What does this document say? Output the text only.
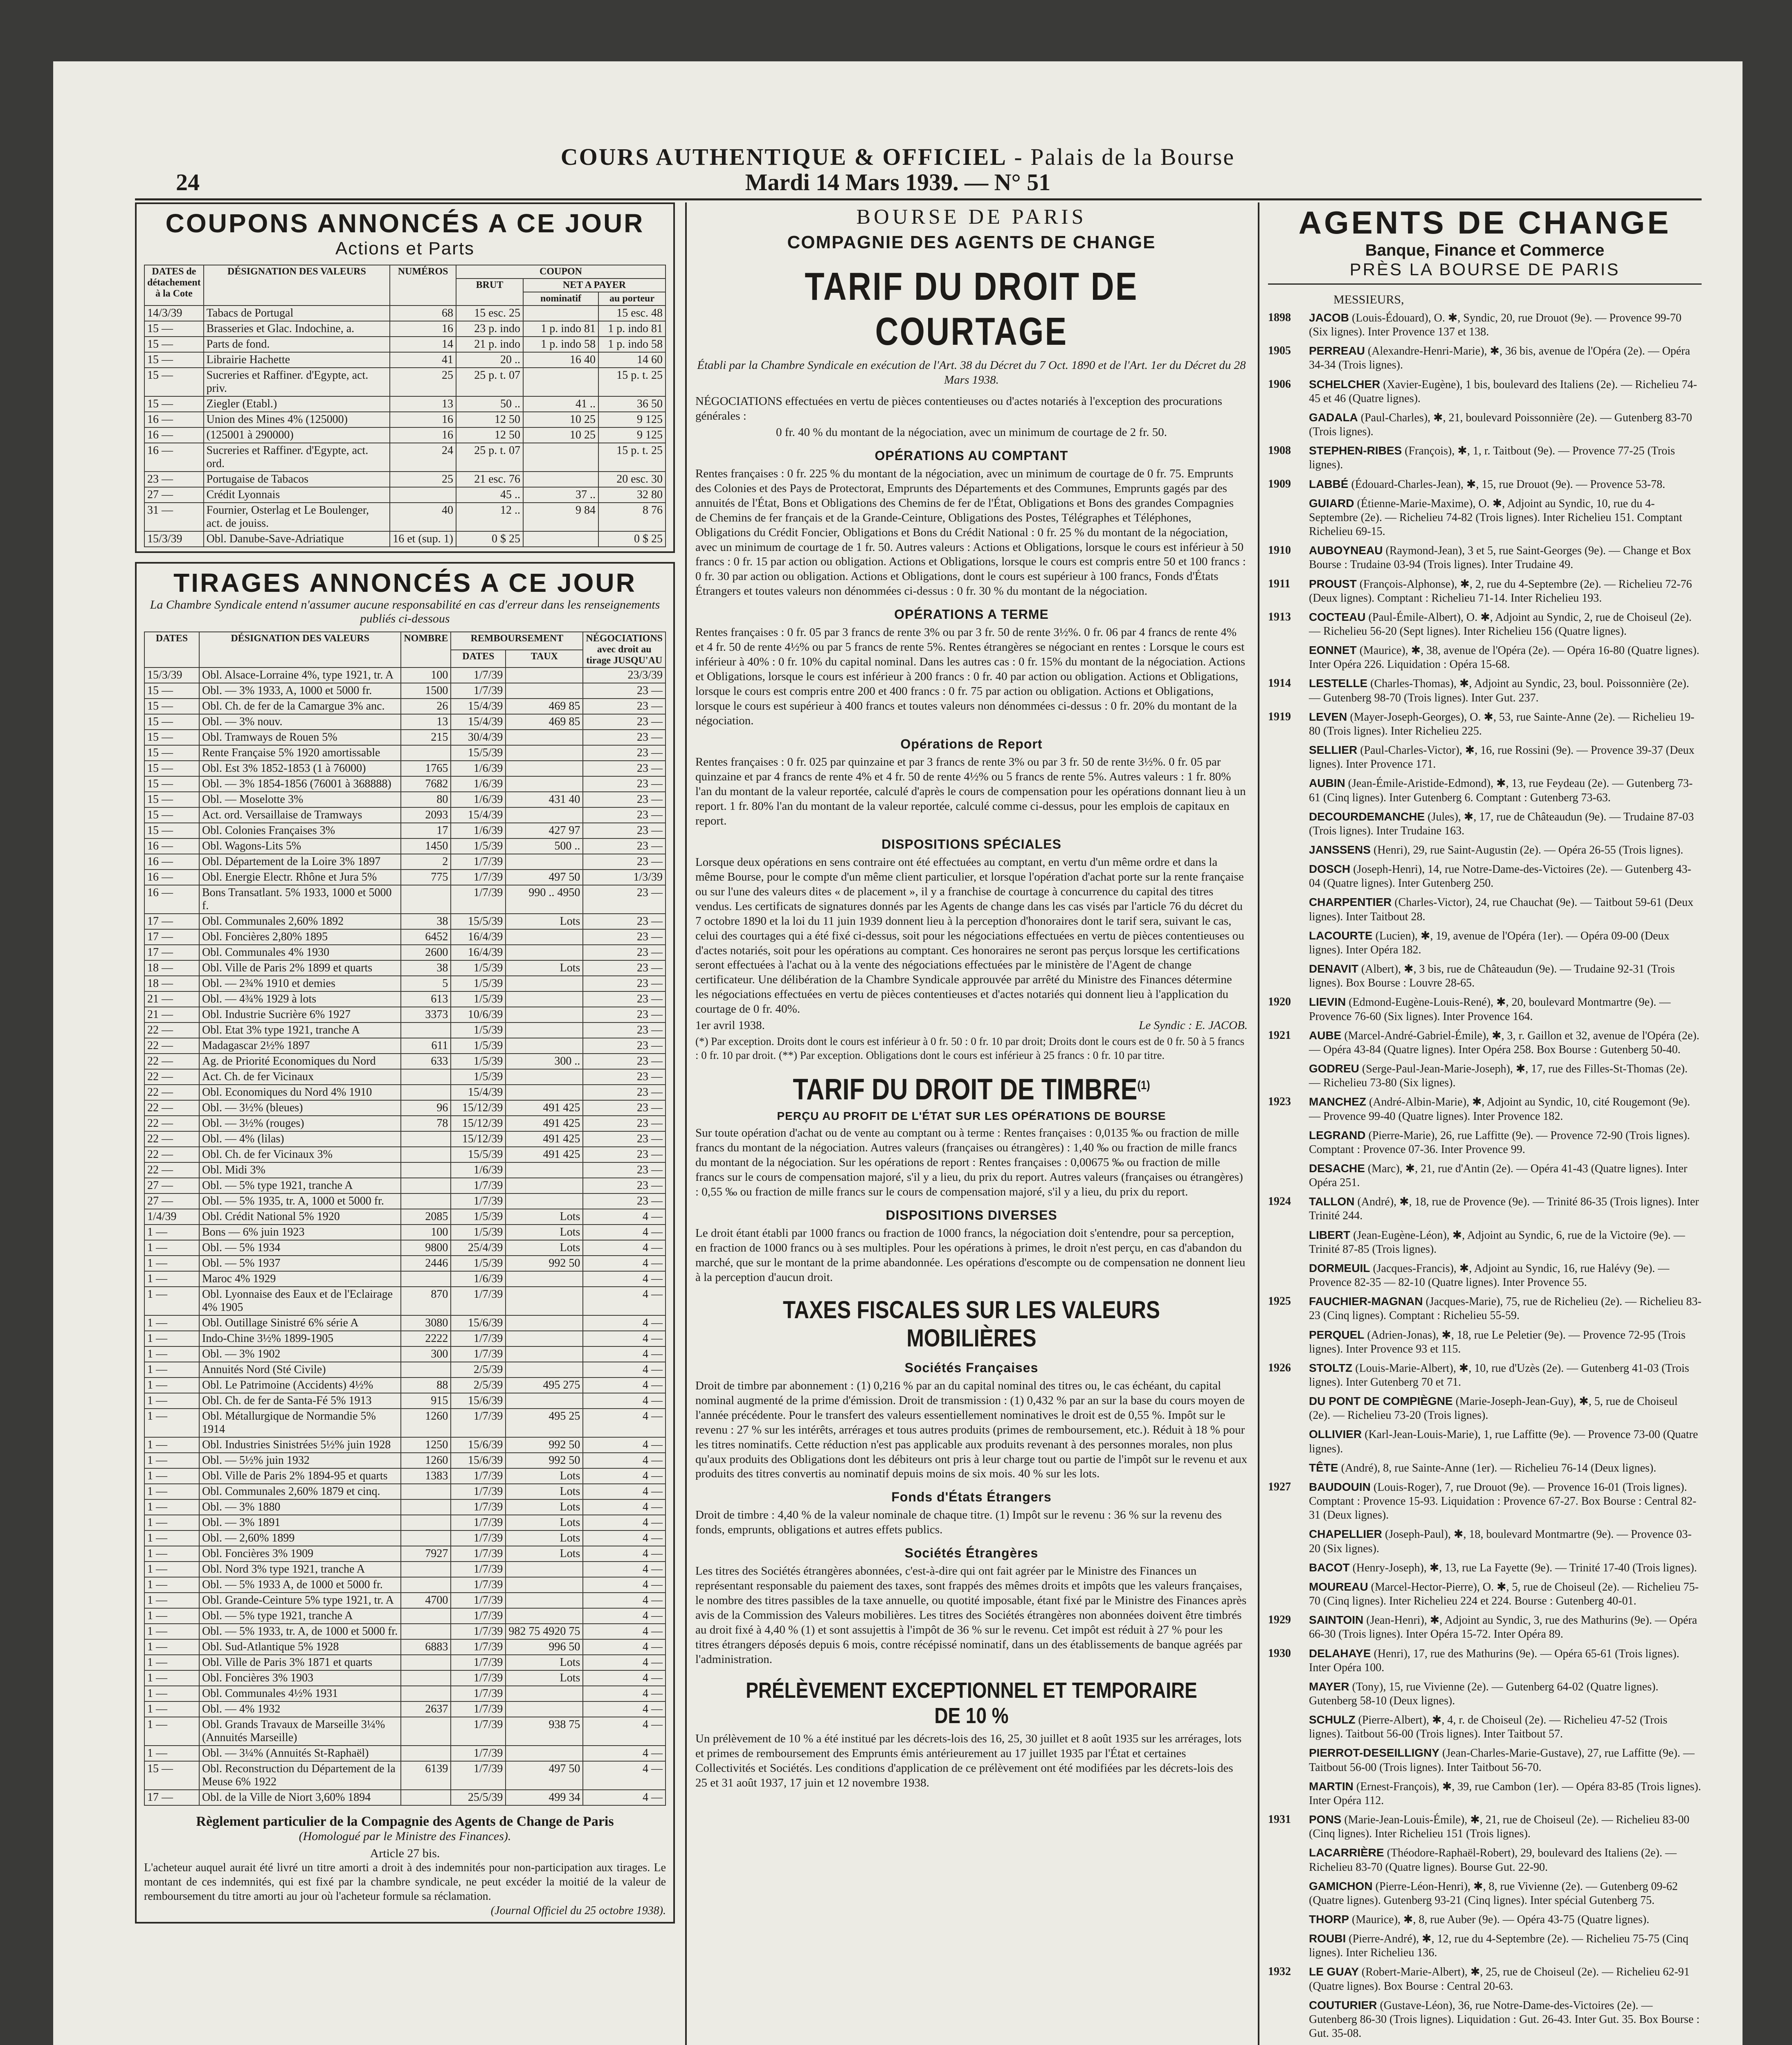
24
COURS AUTHENTIQUE & OFFICIEL - Palais de la Bourse
Mardi 14 Mars 1939. — N° 51
COUPONS ANNONCÉS A CE JOUR
Actions et Parts
DATES de détachement à la Cote	DÉSIGNATION DES VALEURS	NUMÉROS	COUPON		
			BRUT	NET A PAYER	
				nominatif	au porteur
14/3/39	Tabacs de Portugal	68	15 esc. 25		15 esc. 48
15 —	Brasseries et Glac. Indochine, a.	16	23 p. indo	1 p. indo 81	1 p. indo 81
15 —	Parts de fond.	14	21 p. indo	1 p. indo 58	1 p. indo 58
15 —	Librairie Hachette	41	20 ..	16 40	14 60
15 —	Sucreries et Raffiner. d'Egypte, act. priv.	25	25 p. t. 07		15 p. t. 25
15 —	Ziegler (Etabl.)	13	50 ..	41 ..	36 50
16 —	Union des Mines 4% (125000)	16	12 50	10 25	9 125
16 —	(125001 à 290000)	16	12 50	10 25	9 125
16 —	Sucreries et Raffiner. d'Egypte, act. ord.	24	25 p. t. 07		15 p. t. 25
23 —	Portugaise de Tabacos	25	21 esc. 76		20 esc. 30
27 —	Crédit Lyonnais		45 ..	37 ..	32 80
31 —	Fournier, Osterlag et Le Boulenger, act. de jouiss.	40	12 ..	9 84	8 76
15/3/39	Obl. Danube-Save-Adriatique	16 et (sup. 1)	0 $ 25		0 $ 25
TIRAGES ANNONCÉS A CE JOUR
La Chambre Syndicale entend n'assumer aucune responsabilité en cas d'erreur dans les renseignements publiés ci-dessous
DATES	DÉSIGNATION DES VALEURS	NOMBRE	REMBOURSEMENT		NÉGOCIATIONS avec droit au tirage JUSQU'AU
			DATES	TAUX	
15/3/39	Obl. Alsace-Lorraine 4%, type 1921, tr. A	100	1/7/39		23/3/39
15 —	Obl. — 3% 1933, A, 1000 et 5000 fr.	1500	1/7/39		23 —
15 —	Obl. Ch. de fer de la Camargue 3% anc.	26	15/4/39	469 85	23 —
15 —	Obl. — 3% nouv.	13	15/4/39	469 85	23 —
15 —	Obl. Tramways de Rouen 5%	215	30/4/39		23 —
15 —	Rente Française 5% 1920 amortissable		15/5/39		23 —
15 —	Obl. Est 3% 1852-1853 (1 à 76000)	1765	1/6/39		23 —
15 —	Obl. — 3% 1854-1856 (76001 à 368888)	7682	1/6/39		23 —
15 —	Obl. — Moselotte 3%	80	1/6/39	431 40	23 —
15 —	Act. ord. Versaillaise de Tramways	2093	15/4/39		23 —
15 —	Obl. Colonies Françaises 3%	17	1/6/39	427 97	23 —
16 —	Obl. Wagons-Lits 5%	1450	1/5/39	500 ..	23 —
16 —	Obl. Département de la Loire 3% 1897	2	1/7/39		23 —
16 —	Obl. Energie Electr. Rhône et Jura 5%	775	1/7/39	497 50	1/3/39
16 —	Bons Transatlant. 5% 1933, 1000 et 5000 f.		1/7/39	990 .. 4950	23 —
17 —	Obl. Communales 2,60% 1892	38	15/5/39	Lots	23 —
17 —	Obl. Foncières 2,80% 1895	6452	16/4/39		23 —
17 —	Obl. Communales 4% 1930	2600	16/4/39		23 —
18 —	Obl. Ville de Paris 2% 1899 et quarts	38	1/5/39	Lots	23 —
18 —	Obl. — 2¾% 1910 et demies	5	1/5/39		23 —
21 —	Obl. — 4¾% 1929 à lots	613	1/5/39		23 —
21 —	Obl. Industrie Sucrière 6% 1927	3373	10/6/39		23 —
22 —	Obl. Etat 3% type 1921, tranche A		1/5/39		23 —
22 —	Madagascar 2½% 1897	611	1/5/39		23 —
22 —	Ag. de Priorité Economiques du Nord	633	1/5/39	300 ..	23 —
22 —	Act. Ch. de fer Vicinaux		1/5/39		23 —
22 —	Obl. Economiques du Nord 4% 1910		15/4/39		23 —
22 —	Obl. — 3½% (bleues)	96	15/12/39	491 425	23 —
22 —	Obl. — 3½% (rouges)	78	15/12/39	491 425	23 —
22 —	Obl. — 4% (lilas)		15/12/39	491 425	23 —
22 —	Obl. Ch. de fer Vicinaux 3%		15/5/39	491 425	23 —
22 —	Obl. Midi 3%		1/6/39		23 —
27 —	Obl. — 5% type 1921, tranche A		1/7/39		23 —
27 —	Obl. — 5% 1935, tr. A, 1000 et 5000 fr.		1/7/39		23 —
1/4/39	Obl. Crédit National 5% 1920	2085	1/5/39	Lots	4 —
1 —	Bons — 6% juin 1923	100	1/5/39	Lots	4 —
1 —	Obl. — 5% 1934	9800	25/4/39	Lots	4 —
1 —	Obl. — 5% 1937	2446	1/5/39	992 50	4 —
1 —	Maroc 4% 1929		1/6/39		4 —
1 —	Obl. Lyonnaise des Eaux et de l'Eclairage 4% 1905	870	1/7/39		4 —
1 —	Obl. Outillage Sinistré 6% série A	3080	15/6/39		4 —
1 —	Indo-Chine 3½% 1899-1905	2222	1/7/39		4 —
1 —	Obl. — 3% 1902	300	1/7/39		4 —
1 —	Annuités Nord (Sté Civile)		2/5/39		4 —
1 —	Obl. Le Patrimoine (Accidents) 4½%	88	2/5/39	495 275	4 —
1 —	Obl. Ch. de fer de Santa-Fé 5% 1913	915	15/6/39		4 —
1 —	Obl. Métallurgique de Normandie 5% 1914	1260	1/7/39	495 25	4 —
1 —	Obl. Industries Sinistrées 5½% juin 1928	1250	15/6/39	992 50	4 —
1 —	Obl. — 5½% juin 1932	1260	15/6/39	992 50	4 —
1 —	Obl. Ville de Paris 2% 1894-95 et quarts	1383	1/7/39	Lots	4 —
1 —	Obl. Communales 2,60% 1879 et cinq.		1/7/39	Lots	4 —
1 —	Obl. — 3% 1880		1/7/39	Lots	4 —
1 —	Obl. — 3% 1891		1/7/39	Lots	4 —
1 —	Obl. — 2,60% 1899		1/7/39	Lots	4 —
1 —	Obl. Foncières 3% 1909	7927	1/7/39	Lots	4 —
1 —	Obl. Nord 3% type 1921, tranche A		1/7/39		4 —
1 —	Obl. — 5% 1933 A, de 1000 et 5000 fr.		1/7/39		4 —
1 —	Obl. Grande-Ceinture 5% type 1921, tr. A	4700	1/7/39		4 —
1 —	Obl. — 5% type 1921, tranche A		1/7/39		4 —
1 —	Obl. — 5% 1933, tr. A, de 1000 et 5000 fr.		1/7/39	982 75 4920 75	4 —
1 —	Obl. Sud-Atlantique 5% 1928	6883	1/7/39	996 50	4 —
1 —	Obl. Ville de Paris 3% 1871 et quarts		1/7/39	Lots	4 —
1 —	Obl. Foncières 3% 1903		1/7/39	Lots	4 —
1 —	Obl. Communales 4½% 1931		1/7/39		4 —
1 —	Obl. — 4% 1932	2637	1/7/39		4 —
1 —	Obl. Grands Travaux de Marseille 3¼% (Annuités Marseille)		1/7/39	938 75	4 —
1 —	Obl. — 3¼% (Annuités St-Raphaël)		1/7/39		4 —
15 —	Obl. Reconstruction du Département de la Meuse 6% 1922	6139	1/7/39	497 50	4 —
17 —	Obl. de la Ville de Niort 3,60% 1894		25/5/39	499 34	4 —
Règlement particulier de la Compagnie des Agents de Change de Paris
(Homologué par le Ministre des Finances).
Article 27 bis.
L'acheteur auquel aurait été livré un titre amorti a droit à des indemnités pour non-participation aux tirages. Le montant de ces indemnités, qui est fixé par la chambre syndicale, ne peut excéder la moitié de la valeur de remboursement du titre amorti au jour où l'acheteur formule sa réclamation.
(Journal Officiel du 25 octobre 1938).
BOURSE DE PARIS
COMPAGNIE DES AGENTS DE CHANGE
TARIF DU DROIT DE COURTAGE
Établi par la Chambre Syndicale en exécution de l'Art. 38 du Décret du 7 Oct. 1890 et de l'Art. 1er du Décret du 28 Mars 1938.
NÉGOCIATIONS effectuées en vertu de pièces contentieuses ou d'actes notariés à l'exception des procurations générales :
0 fr. 40 % du montant de la négociation, avec un minimum de courtage de 2 fr. 50.
OPÉRATIONS AU COMPTANT
Rentes françaises : 0 fr. 225 % du montant de la négociation, avec un minimum de courtage de 0 fr. 75. Emprunts des Colonies et des Pays de Protectorat, Emprunts des Départements et des Communes, Emprunts gagés par des annuités de l'État, Bons et Obligations des Chemins de fer de l'État, Obligations et Bons des grandes Compagnies de Chemins de fer français et de la Grande-Ceinture, Obligations des Postes, Télégraphes et Téléphones, Obligations du Crédit Foncier, Obligations et Bons du Crédit National : 0 fr. 25 % du montant de la négociation, avec un minimum de courtage de 1 fr. 50. Autres valeurs : Actions et Obligations, lorsque le cours est inférieur à 50 francs : 0 fr. 15 par action ou obligation. Actions et Obligations, lorsque le cours est compris entre 50 et 100 francs : 0 fr. 30 par action ou obligation. Actions et Obligations, dont le cours est supérieur à 100 francs, Fonds d'États Étrangers et toutes valeurs non dénommées ci-dessus : 0 fr. 30 % du montant de la négociation.
OPÉRATIONS A TERME
Rentes françaises : 0 fr. 05 par 3 francs de rente 3% ou par 3 fr. 50 de rente 3½%. 0 fr. 06 par 4 francs de rente 4% et 4 fr. 50 de rente 4½% ou par 5 francs de rente 5%. Rentes étrangères se négociant en rentes : Lorsque le cours est inférieur à 40% : 0 fr. 10% du capital nominal. Dans les autres cas : 0 fr. 15% du montant de la négociation. Actions et Obligations, lorsque le cours est inférieur à 200 francs : 0 fr. 40 par action ou obligation. Actions et Obligations, lorsque le cours est compris entre 200 et 400 francs : 0 fr. 75 par action ou obligation. Actions et Obligations, lorsque le cours est supérieur à 400 francs et toutes valeurs non dénommées ci-dessus : 0 fr. 20% du montant de la négociation.
Opérations de Report
Rentes françaises : 0 fr. 025 par quinzaine et par 3 francs de rente 3% ou par 3 fr. 50 de rente 3½%. 0 fr. 05 par quinzaine et par 4 francs de rente 4% et 4 fr. 50 de rente 4½% ou 5 francs de rente 5%. Autres valeurs : 1 fr. 80% l'an du montant de la valeur reportée, calculé d'après le cours de compensation pour les opérations donnant lieu à un report. 1 fr. 80% l'an du montant de la valeur reportée, calculé comme ci-dessus, pour les emplois de capitaux en report.
DISPOSITIONS SPÉCIALES
Lorsque deux opérations en sens contraire ont été effectuées au comptant, en vertu d'un même ordre et dans la même Bourse, pour le compte d'un même client particulier, et lorsque l'opération d'achat porte sur la rente française ou sur l'une des valeurs dites « de placement », il y a franchise de courtage à concurrence du capital des titres vendus. Les certificats de signatures donnés par les Agents de change dans les cas visés par l'article 76 du décret du 7 octobre 1890 et la loi du 11 juin 1939 donnent lieu à la perception d'honoraires dont le tarif sera, suivant le cas, celui des courtages qui a été fixé ci-dessus, soit pour les négociations effectuées en vertu de pièces contentieuses ou d'actes notariés, soit pour les opérations au comptant. Ces honoraires ne seront pas perçus lorsque les certifications seront effectuées à l'achat ou à la vente des négociations effectuées par le ministère de l'Agent de change certificateur. Une délibération de la Chambre Syndicale approuvée par arrêté du Ministre des Finances détermine les négociations effectuées en vertu de pièces contentieuses et d'actes notariés qui donnent lieu à l'application du courtage de 0 fr. 40%.
1er avril 1938.	Le Syndic : E. JACOB.
(*) Par exception. Droits dont le cours est inférieur à 0 fr. 50 : 0 fr. 10 par droit; Droits dont le cours est de 0 fr. 50 à 5 francs : 0 fr. 10 par droit. (**) Par exception. Obligations dont le cours est inférieur à 25 francs : 0 fr. 10 par titre.
TARIF DU DROIT DE TIMBRE$^{(1)}$
PERÇU AU PROFIT DE L'ÉTAT SUR LES OPÉRATIONS DE BOURSE
Sur toute opération d'achat ou de vente au comptant ou à terme : Rentes françaises : 0,0135 ‰ ou fraction de mille francs du montant de la négociation. Autres valeurs (françaises ou étrangères) : 1,40 ‰ ou fraction de mille francs du montant de la négociation. Sur les opérations de report : Rentes françaises : 0,00675 ‰ ou fraction de mille francs sur le cours de compensation majoré, s'il y a lieu, du prix du report. Autres valeurs (françaises ou étrangères) : 0,55 ‰ ou fraction de mille francs sur le cours de compensation majoré, s'il y a lieu, du prix du report.
DISPOSITIONS DIVERSES
Le droit étant établi par 1000 francs ou fraction de 1000 francs, la négociation doit s'entendre, pour sa perception, en fraction de 1000 francs ou à ses multiples. Pour les opérations à primes, le droit n'est perçu, en cas d'abandon du marché, que sur le montant de la prime abandonnée. Les opérations d'escompte ou de compensation ne donnent lieu à la perception d'aucun droit.
TAXES FISCALES SUR LES VALEURS MOBILIÈRES
Sociétés Françaises
Droit de timbre par abonnement : (1) 0,216 % par an du capital nominal des titres ou, le cas échéant, du capital nominal augmenté de la prime d'émission. Droit de transmission : (1) 0,432 % par an sur la base du cours moyen de l'année précédente. Pour le transfert des valeurs essentiellement nominatives le droit est de 0,55 %. Impôt sur le revenu : 27 % sur les intérêts, arrérages et tous autres produits (primes de remboursement, etc.). Réduit à 18 % pour les titres nominatifs. Cette réduction n'est pas applicable aux produits revenant à des personnes morales, non plus qu'aux produits des Obligations dont les débiteurs ont pris à leur charge tout ou partie de l'impôt sur le revenu et aux produits des titres convertis au nominatif depuis moins de six mois. 40 % sur les lots.
Fonds d'États Étrangers
Droit de timbre : 4,40 % de la valeur nominale de chaque titre. (1) Impôt sur le revenu : 36 % sur la revenu des fonds, emprunts, obligations et autres effets publics.
Sociétés Étrangères
Les titres des Sociétés étrangères abonnées, c'est-à-dire qui ont fait agréer par le Ministre des Finances un représentant responsable du paiement des taxes, sont frappés des mêmes droits et impôts que les valeurs françaises, le nombre des titres passibles de la taxe annuelle, ou quotité imposable, étant fixé par le Ministre des Finances après avis de la Commission des Valeurs mobilières. Les titres des Sociétés étrangères non abonnées doivent être timbrés au droit fixé à 4,40 % (1) et sont assujettis à l'impôt de 36 % sur le revenu. Cet impôt est réduit à 27 % pour les titres étrangers déposés depuis 6 mois, contre récépissé nominatif, dans un des établissements de banque agréés par l'administration.
PRÉLÈVEMENT EXCEPTIONNEL ET TEMPORAIRE DE 10 %
Un prélèvement de 10 % a été institué par les décrets-lois des 16, 25, 30 juillet et 8 août 1935 sur les arrérages, lots et primes de remboursement des Emprunts émis antérieurement au 17 juillet 1935 par l'État et certaines Collectivités et Sociétés. Les conditions d'application de ce prélèvement ont été modifiées par les décrets-lois des 25 et 31 août 1937, 17 juin et 12 novembre 1938.
AGENTS DE CHANGE
Banque, Finance et Commerce
PRÈS LA BOURSE DE PARIS
MESSIEURS,
1898	JACOB (Louis-Édouard), O. ✱, Syndic, 20, rue Drouot (9e). — Provence 99-70 (Six lignes). Inter Provence 137 et 138.
1905	PERREAU (Alexandre-Henri-Marie), ✱, 36 bis, avenue de l'Opéra (2e). — Opéra 34-34 (Trois lignes).
1906	SCHELCHER (Xavier-Eugène), 1 bis, boulevard des Italiens (2e). — Richelieu 74-45 et 46 (Quatre lignes).
GADALA (Paul-Charles), ✱, 21, boulevard Poissonnière (2e). — Gutenberg 83-70 (Trois lignes).
1908	STEPHEN-RIBES (François), ✱, 1, r. Taitbout (9e). — Provence 77-25 (Trois lignes).
1909	LABBÉ (Édouard-Charles-Jean), ✱, 15, rue Drouot (9e). — Provence 53-78.
GUIARD (Étienne-Marie-Maxime), O. ✱, Adjoint au Syndic, 10, rue du 4-Septembre (2e). — Richelieu 74-82 (Trois lignes). Inter Richelieu 151. Comptant Richelieu 69-15.
1910	AUBOYNEAU (Raymond-Jean), 3 et 5, rue Saint-Georges (9e). — Change et Box Bourse : Trudaine 03-94 (Trois lignes). Inter Trudaine 49.
1911	PROUST (François-Alphonse), ✱, 2, rue du 4-Septembre (2e). — Richelieu 72-76 (Deux lignes). Comptant : Richelieu 71-14. Inter Richelieu 193.
1913	COCTEAU (Paul-Émile-Albert), O. ✱, Adjoint au Syndic, 2, rue de Choiseul (2e). — Richelieu 56-20 (Sept lignes). Inter Richelieu 156 (Quatre lignes).
EONNET (Maurice), ✱, 38, avenue de l'Opéra (2e). — Opéra 16-80 (Quatre lignes). Inter Opéra 226. Liquidation : Opéra 15-68.
1914	LESTELLE (Charles-Thomas), ✱, Adjoint au Syndic, 23, boul. Poissonnière (2e). — Gutenberg 98-70 (Trois lignes). Inter Gut. 237.
1919	LEVEN (Mayer-Joseph-Georges), O. ✱, 53, rue Sainte-Anne (2e). — Richelieu 19-80 (Trois lignes). Inter Richelieu 225.
SELLIER (Paul-Charles-Victor), ✱, 16, rue Rossini (9e). — Provence 39-37 (Deux lignes). Inter Provence 171.
AUBIN (Jean-Émile-Aristide-Edmond), ✱, 13, rue Feydeau (2e). — Gutenberg 73-61 (Cinq lignes). Inter Gutenberg 6. Comptant : Gutenberg 73-63.
DECOURDEMANCHE (Jules), ✱, 17, rue de Châteaudun (9e). — Trudaine 87-03 (Trois lignes). Inter Trudaine 163.
JANSSENS (Henri), 29, rue Saint-Augustin (2e). — Opéra 26-55 (Trois lignes).
DOSCH (Joseph-Henri), 14, rue Notre-Dame-des-Victoires (2e). — Gutenberg 43-04 (Quatre lignes). Inter Gutenberg 250.
CHARPENTIER (Charles-Victor), 24, rue Chauchat (9e). — Taitbout 59-61 (Deux lignes). Inter Taitbout 28.
LACOURTE (Lucien), ✱, 19, avenue de l'Opéra (1er). — Opéra 09-00 (Deux lignes). Inter Opéra 182.
DENAVIT (Albert), ✱, 3 bis, rue de Châteaudun (9e). — Trudaine 92-31 (Trois lignes). Box Bourse : Louvre 28-65.
1920	LIEVIN (Edmond-Eugène-Louis-René), ✱, 20, boulevard Montmartre (9e). — Provence 76-60 (Six lignes). Inter Provence 164.
1921	AUBE (Marcel-André-Gabriel-Émile), ✱, 3, r. Gaillon et 32, avenue de l'Opéra (2e). — Opéra 43-84 (Quatre lignes). Inter Opéra 258. Box Bourse : Gutenberg 50-40.
GODREU (Serge-Paul-Jean-Marie-Joseph), ✱, 17, rue des Filles-St-Thomas (2e). — Richelieu 73-80 (Six lignes).
1923	MANCHEZ (André-Albin-Marie), ✱, Adjoint au Syndic, 10, cité Rougemont (9e). — Provence 99-40 (Quatre lignes). Inter Provence 182.
LEGRAND (Pierre-Marie), 26, rue Laffitte (9e). — Provence 72-90 (Trois lignes). Comptant : Provence 07-36. Inter Provence 99.
DESACHE (Marc), ✱, 21, rue d'Antin (2e). — Opéra 41-43 (Quatre lignes). Inter Opéra 251.
1924	TALLON (André), ✱, 18, rue de Provence (9e). — Trinité 86-35 (Trois lignes). Inter Trinité 244.
LIBERT (Jean-Eugène-Léon), ✱, Adjoint au Syndic, 6, rue de la Victoire (9e). — Trinité 87-85 (Trois lignes).
DORMEUIL (Jacques-Francis), ✱, Adjoint au Syndic, 16, rue Halévy (9e). — Provence 82-35 — 82-10 (Quatre lignes). Inter Provence 55.
1925	FAUCHIER-MAGNAN (Jacques-Marie), 75, rue de Richelieu (2e). — Richelieu 83-23 (Cinq lignes). Comptant : Richelieu 55-59.
PERQUEL (Adrien-Jonas), ✱, 18, rue Le Peletier (9e). — Provence 72-95 (Trois lignes). Inter Provence 93 et 115.
1926	STOLTZ (Louis-Marie-Albert), ✱, 10, rue d'Uzès (2e). — Gutenberg 41-03 (Trois lignes). Inter Gutenberg 70 et 71.
DU PONT DE COMPIÈGNE (Marie-Joseph-Jean-Guy), ✱, 5, rue de Choiseul (2e). — Richelieu 73-20 (Trois lignes).
OLLIVIER (Karl-Jean-Louis-Marie), 1, rue Laffitte (9e). — Provence 73-00 (Quatre lignes).
TÊTE (André), 8, rue Sainte-Anne (1er). — Richelieu 76-14 (Deux lignes).
1927	BAUDOUIN (Louis-Roger), 7, rue Drouot (9e). — Provence 16-01 (Trois lignes). Comptant : Provence 15-93. Liquidation : Provence 67-27. Box Bourse : Central 82-31 (Deux lignes).
CHAPELLIER (Joseph-Paul), ✱, 18, boulevard Montmartre (9e). — Provence 03-20 (Six lignes).
BACOT (Henry-Joseph), ✱, 13, rue La Fayette (9e). — Trinité 17-40 (Trois lignes).
MOUREAU (Marcel-Hector-Pierre), O. ✱, 5, rue de Choiseul (2e). — Richelieu 75-70 (Cinq lignes). Inter Richelieu 224 et 224. Bourse : Gutenberg 40-01.
1929	SAINTOIN (Jean-Henri), ✱, Adjoint au Syndic, 3, rue des Mathurins (9e). — Opéra 66-30 (Trois lignes). Inter Opéra 15-72. Inter Opéra 89.
1930	DELAHAYE (Henri), 17, rue des Mathurins (9e). — Opéra 65-61 (Trois lignes). Inter Opéra 100.
MAYER (Tony), 15, rue Vivienne (2e). — Gutenberg 64-02 (Quatre lignes). Gutenberg 58-10 (Deux lignes).
SCHULZ (Pierre-Albert), ✱, 4, r. de Choiseul (2e). — Richelieu 47-52 (Trois lignes). Taitbout 56-00 (Trois lignes). Inter Taitbout 57.
PIERROT-DESEILLIGNY (Jean-Charles-Marie-Gustave), 27, rue Laffitte (9e). — Taitbout 56-00 (Trois lignes). Inter Taitbout 56-70.
MARTIN (Ernest-François), ✱, 39, rue Cambon (1er). — Opéra 83-85 (Trois lignes). Inter Opéra 112.
1931	PONS (Marie-Jean-Louis-Émile), ✱, 21, rue de Choiseul (2e). — Richelieu 83-00 (Cinq lignes). Inter Richelieu 151 (Trois lignes).
LACARRIÈRE (Théodore-Raphaël-Robert), 29, boulevard des Italiens (2e). — Richelieu 83-70 (Quatre lignes). Bourse Gut. 22-90.
GAMICHON (Pierre-Léon-Henri), ✱, 8, rue Vivienne (2e). — Gutenberg 09-62 (Quatre lignes). Gutenberg 93-21 (Cinq lignes). Inter spécial Gutenberg 75.
THORP (Maurice), ✱, 8, rue Auber (9e). — Opéra 43-75 (Quatre lignes).
ROUBI (Pierre-André), ✱, 12, rue du 4-Septembre (2e). — Richelieu 75-75 (Cinq lignes). Inter Richelieu 136.
1932	LE GUAY (Robert-Marie-Albert), ✱, 25, rue de Choiseul (2e). — Richelieu 62-91 (Quatre lignes). Box Bourse : Central 20-63.
COUTURIER (Gustave-Léon), 36, rue Notre-Dame-des-Victoires (2e). — Gutenberg 86-30 (Trois lignes). Liquidation : Gut. 26-43. Inter Gut. 35. Box Bourse : Gut. 35-08.
